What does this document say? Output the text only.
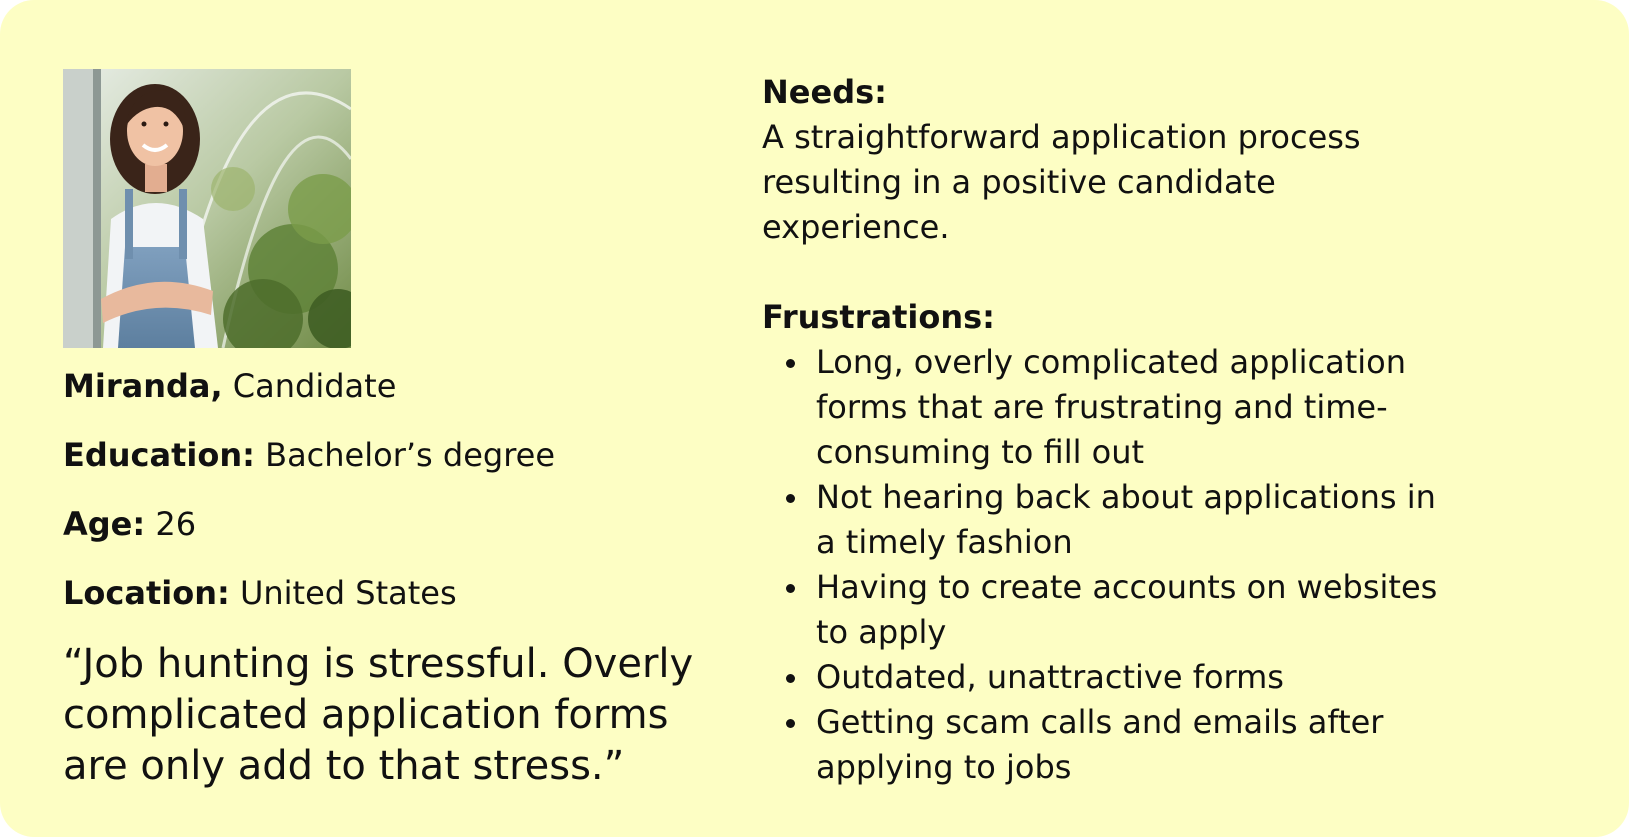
Miranda, Candidate
Education: Bachelor’s degree
Age: 26
Location: United States
“Job hunting is stressful. Overly complicated application forms are only add to that stress.”
Needs:
A straightforward application process resulting in a positive candidate experience.
Frustrations:
Long, overly complicated application forms that are frustrating and time-consuming to fill out
Not hearing back about applications in a timely fashion
Having to create accounts on websites to apply
Outdated, unattractive forms
Getting scam calls and emails after applying to jobs
